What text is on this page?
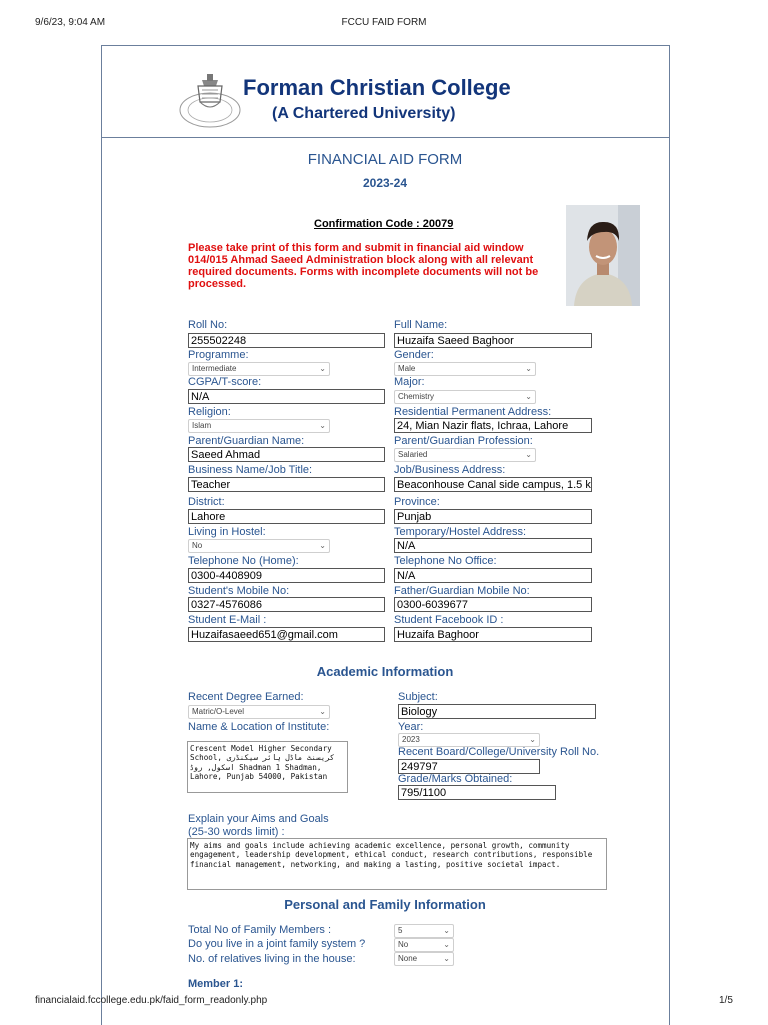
9/6/23, 9:04 AM	FCCU FAID FORM
Forman Christian College
(A Chartered University)
FINANCIAL AID FORM
2023-24
Confirmation Code : 20079
Please take print of this form and submit in financial aid window 014/015 Ahmad Saeed Administration block along with all relevant required documents. Forms with incomplete documents will not be processed.
Roll No:
255502248
Full Name:
Huzaifa Saeed Baghoor
Programme:
Intermediate	⌄
Gender:
Male	⌄
CGPA/T-score:
N/A
Major:
Chemistry	⌄
Religion:
Islam	⌄
Residential Permanent Address:
24, Mian Nazir flats, Ichraa, Lahore
Parent/Guardian Name:
Saeed Ahmad
Parent/Guardian Profession:
Salaried	⌄
Business Name/Job Title:
Teacher
Job/Business Address:
Beaconhouse Canal side campus, 1.5 k
District:
Lahore
Province:
Punjab
Living in Hostel:
No	⌄
Temporary/Hostel Address:
N/A
Telephone No (Home):
0300-4408909
Telephone No Office:
N/A
Student's Mobile No:
0327-4576086
Father/Guardian Mobile No:
0300-6039677
Student E-Mail :
Huzaifasaeed651@gmail.com
Student Facebook ID :
Huzaifa Baghoor
Academic Information
Recent Degree Earned:
Matric/O-Level	⌄
Subject:
Biology
Name & Location of Institute:
Crescent Model Higher Secondary School, کریسنٹ ماڈل ہائر سیکنڈری اسکول, روڈ Shadman 1 Shadman, Lahore, Punjab 54000, Pakistan
Year:
2023	⌄
Recent Board/College/University Roll No.
249797
Grade/Marks Obtained:
795/1100
Explain your Aims and Goals
(25-30 words limit) :
My aims and goals include achieving academic excellence, personal growth, community engagement, leadership development, ethical conduct, research contributions, responsible financial management, networking, and making a lasting, positive societal impact.
Personal and Family Information
Total No of Family Members :	5	⌄
Do you live in a joint family system ?	No	⌄
No. of relatives living in the house:	None	⌄
Member 1:
financialaid.fccollege.edu.pk/faid_form_readonly.php	1/5
